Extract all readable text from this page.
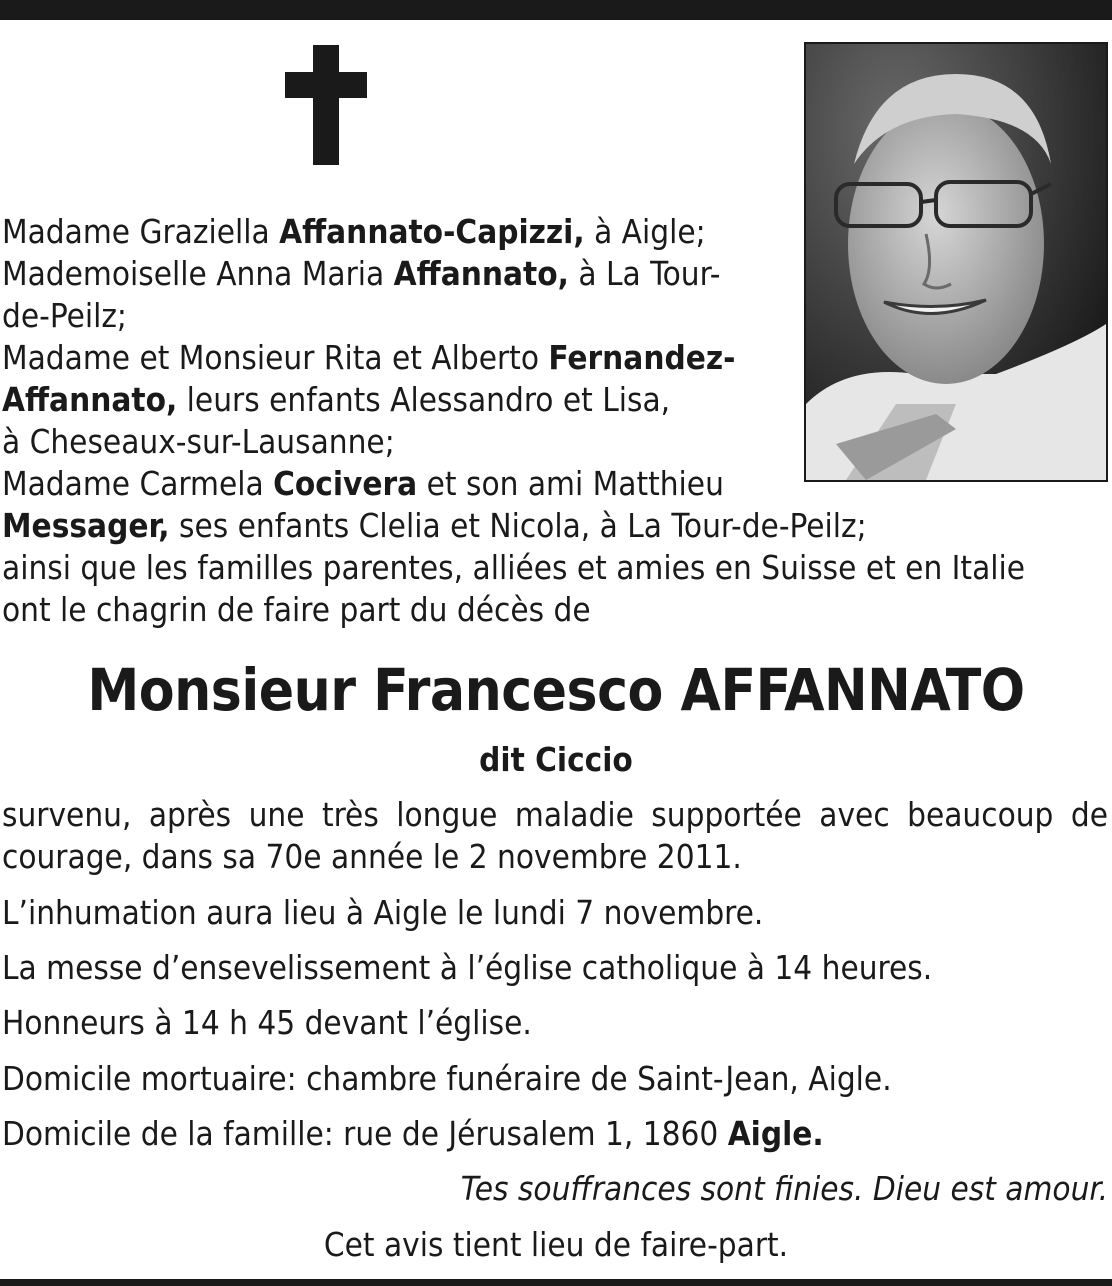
Madame Graziella Affannato-Capizzi, à Aigle;
Mademoiselle Anna Maria Affannato, à La Tour-
de-Peilz;
Madame et Monsieur Rita et Alberto Fernandez-
Affannato, leurs enfants Alessandro et Lisa,
à Cheseaux-sur-Lausanne;
Madame Carmela Cocivera et son ami Matthieu
Messager, ses enfants Clelia et Nicola, à La Tour-de-Peilz;
ainsi que les familles parentes, alliées et amies en Suisse et en Italie
ont le chagrin de faire part du décès de
Monsieur Francesco AFFANNATO
dit Ciccio
survenu, après une très longue maladie supportée avec beaucoup de
courage, dans sa 70e année le 2 novembre 2011.
L’inhumation aura lieu à Aigle le lundi 7 novembre.
La messe d’ensevelissement à l’église catholique à 14 heures.
Honneurs à 14 h 45 devant l’église.
Domicile mortuaire: chambre funéraire de Saint-Jean, Aigle.
Domicile de la famille: rue de Jérusalem 1, 1860 Aigle.
Tes souffrances sont finies. Dieu est amour.
Cet avis tient lieu de faire-part.
